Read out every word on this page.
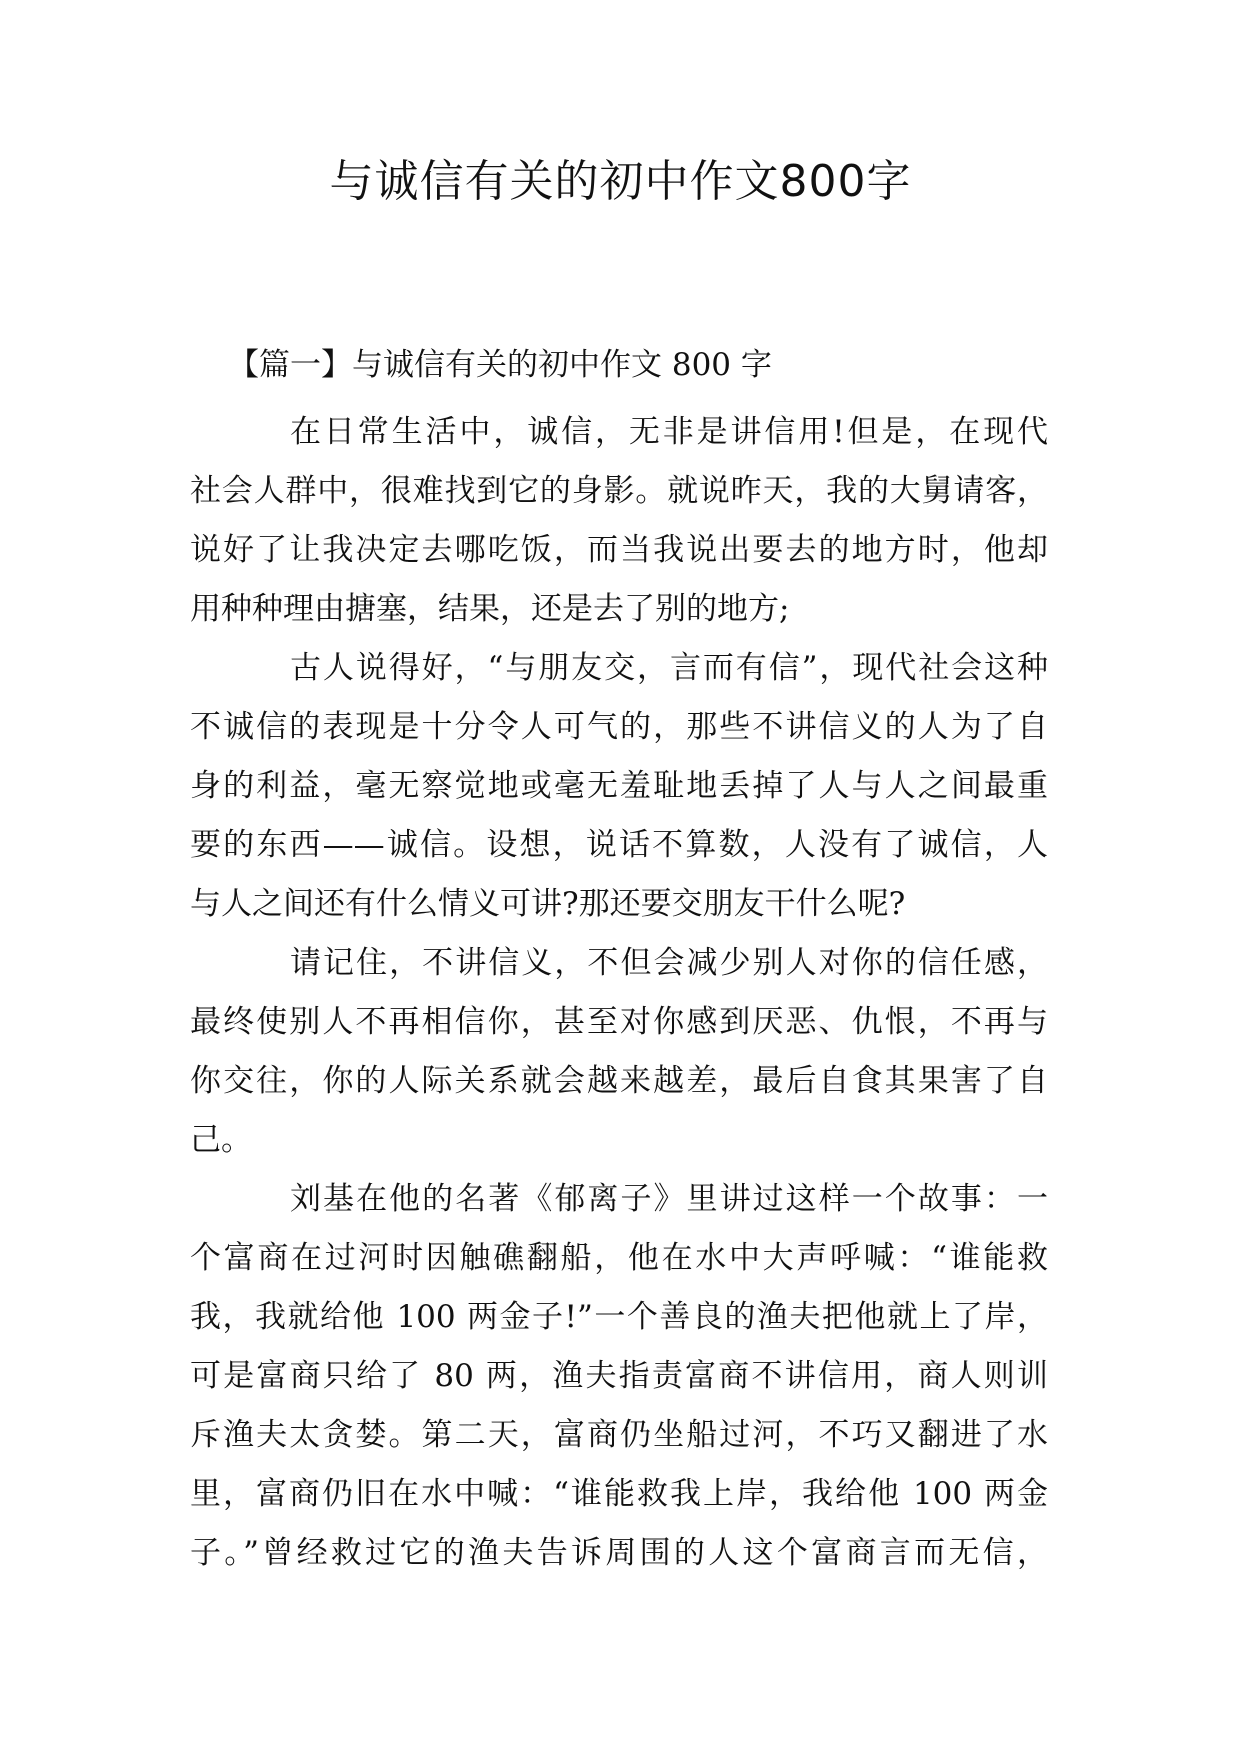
与诚信有关的初中作文800字
【篇一】与诚信有关的初中作文 800 字
在日常生活中，诚信，无非是讲信用!但是，在现代
社会人群中，很难找到它的身影。就说昨天，我的大舅请客，
说好了让我决定去哪吃饭，而当我说出要去的地方时，他却
用种种理由搪塞，结果，还是去了别的地方;
古人说得好，“与朋友交，言而有信”，现代社会这种
不诚信的表现是十分令人可气的，那些不讲信义的人为了自
身的利益，毫无察觉地或毫无羞耻地丢掉了人与人之间最重
要的东西——诚信。设想，说话不算数，人没有了诚信，人
与人之间还有什么情义可讲?那还要交朋友干什么呢?
请记住，不讲信义，不但会减少别人对你的信任感，
最终使别人不再相信你，甚至对你感到厌恶、仇恨，不再与
你交往，你的人际关系就会越来越差，最后自食其果害了自
己。
刘基在他的名著《郁离子》里讲过这样一个故事：一
个富商在过河时因触礁翻船，他在水中大声呼喊：“谁能救
我，我就给他 100 两金子!”一个善良的渔夫把他就上了岸，
可是富商只给了 80 两，渔夫指责富商不讲信用，商人则训
斥渔夫太贪婪。第二天，富商仍坐船过河，不巧又翻进了水
里，富商仍旧在水中喊：“谁能救我上岸，我给他 100 两金
子。”曾经救过它的渔夫告诉周围的人这个富商言而无信，
